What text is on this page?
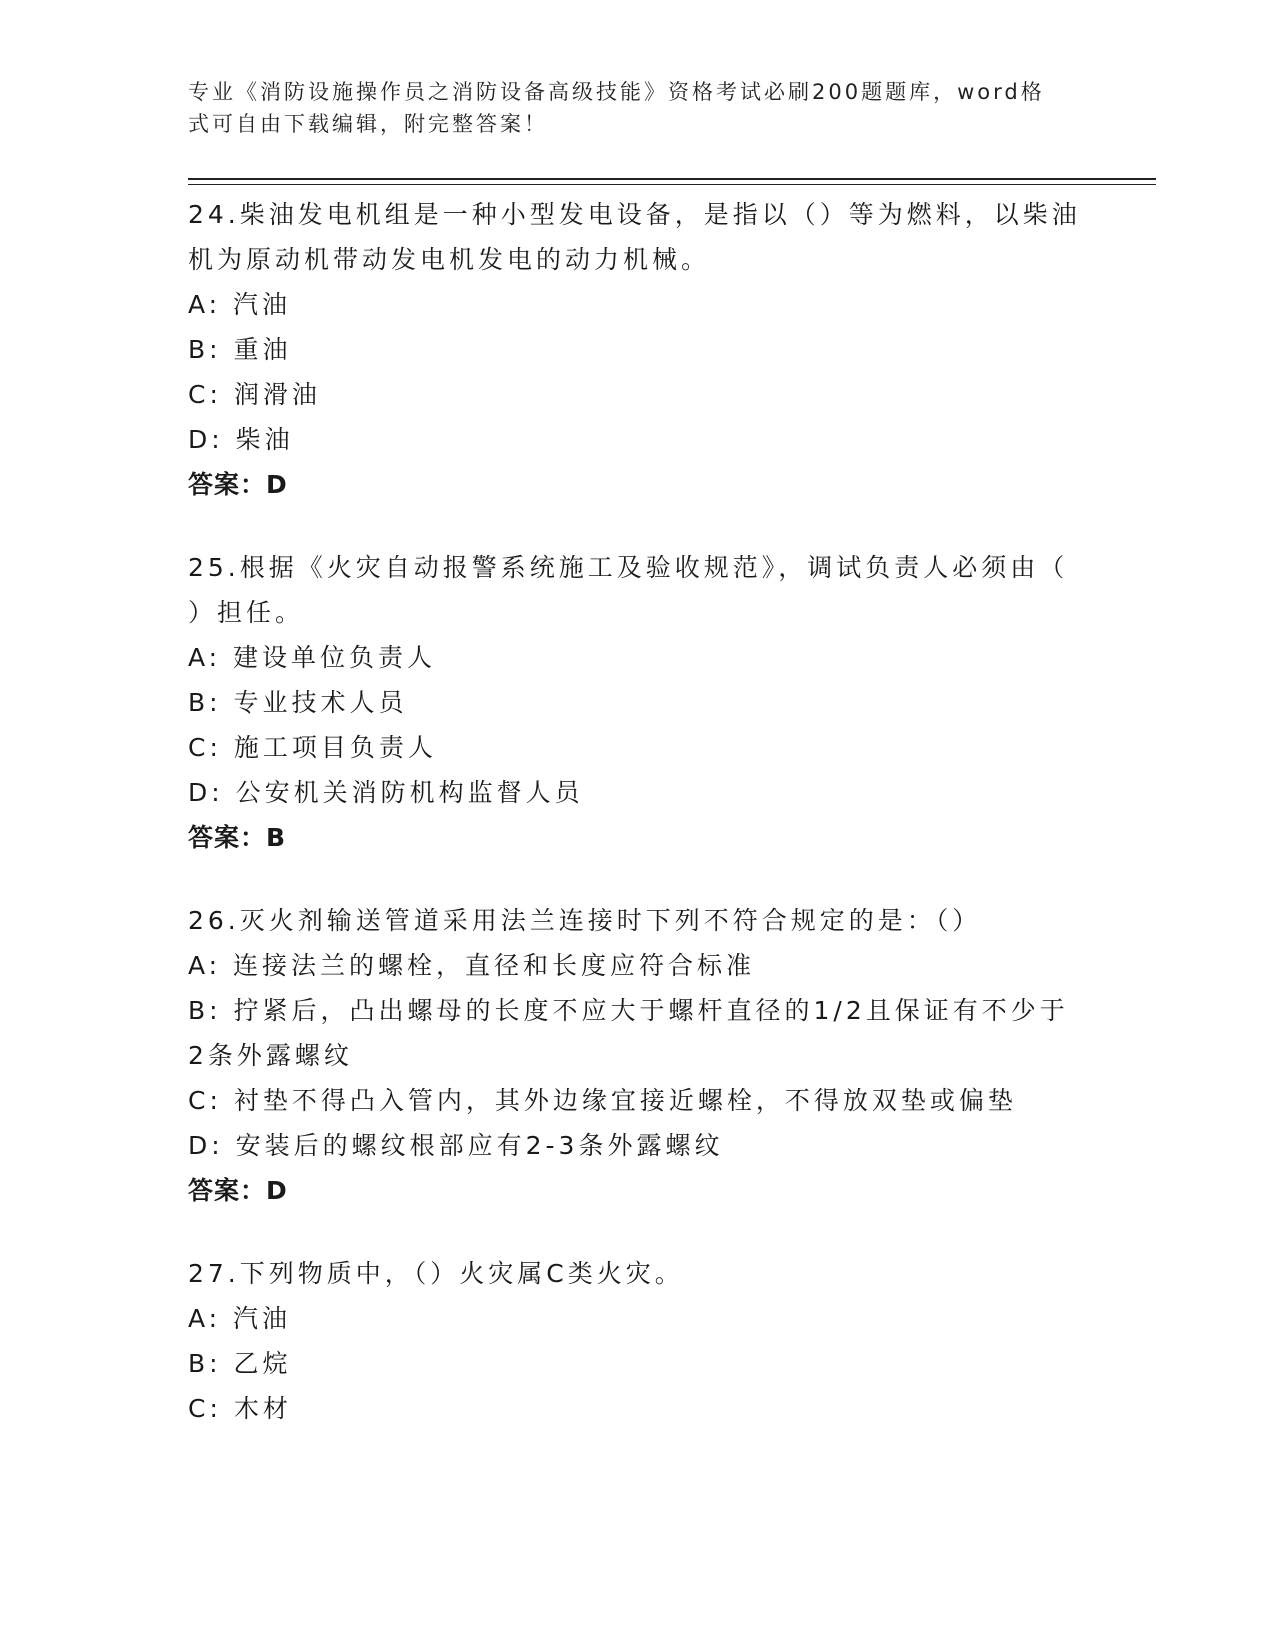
专业《消防设施操作员之消防设备高级技能》资格考试必刷200题题库，word格式可自由下载编辑，附完整答案！

24.柴油发电机组是一种小型发电设备，是指以（）等为燃料，以柴油机为原动机带动发电机发电的动力机械。

A: 汽油

B: 重油

C: 润滑油

D: 柴油

答案：D

25.根据《火灾自动报警系统施工及验收规范》，调试负责人必须由（ ）担任。

A: 建设单位负责人

B: 专业技术人员

C: 施工项目负责人

D: 公安机关消防机构监督人员

答案：B

26.灭火剂输送管道采用法兰连接时下列不符合规定的是：（）

A: 连接法兰的螺栓，直径和长度应符合标准

B: 拧紧后，凸出螺母的长度不应大于螺杆直径的1/2且保证有不少于2条外露螺纹

C: 衬垫不得凸入管内，其外边缘宜接近螺栓，不得放双垫或偏垫

D: 安装后的螺纹根部应有2-3条外露螺纹

答案：D

27.下列物质中，（）火灾属C类火灾。

A: 汽油

B: 乙烷

C: 木材
